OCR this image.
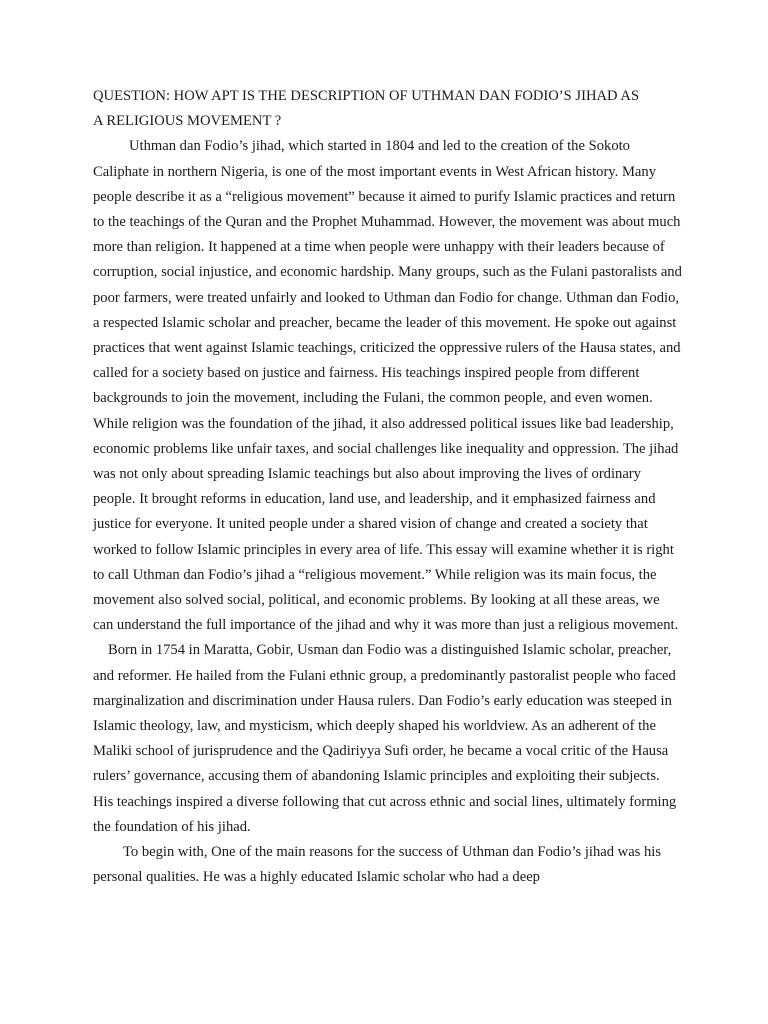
QUESTION: HOW APT IS THE DESCRIPTION OF UTHMAN DAN FODIO’S JIHAD AS

A RELIGIOUS MOVEMENT ?

Uthman dan Fodio’s jihad, which started in 1804 and led to the creation of the Sokoto Caliphate in northern Nigeria, is one of the most important events in West African history. Many people describe it as a “religious movement” because it aimed to purify Islamic practices and return to the teachings of the Quran and the Prophet Muhammad. However, the movement was about much more than religion. It happened at a time when people were unhappy with their leaders because of corruption, social injustice, and economic hardship. Many groups, such as the Fulani pastoralists and poor farmers, were treated unfairly and looked to Uthman dan Fodio for change. Uthman dan Fodio, a respected Islamic scholar and preacher, became the leader of this movement. He spoke out against practices that went against Islamic teachings, criticized the oppressive rulers of the Hausa states, and called for a society based on justice and fairness. His teachings inspired people from different backgrounds to join the movement, including the Fulani, the common people, and even women. While religion was the foundation of the jihad, it also addressed political issues like bad leadership, economic problems like unfair taxes, and social challenges like inequality and oppression. The jihad was not only about spreading Islamic teachings but also about improving the lives of ordinary people. It brought reforms in education, land use, and leadership, and it emphasized fairness and justice for everyone. It united people under a shared vision of change and created a society that worked to follow Islamic principles in every area of life. This essay will examine whether it is right to call Uthman dan Fodio’s jihad a “religious movement.” While religion was its main focus, the movement also solved social, political, and economic problems. By looking at all these areas, we can understand the full importance of the jihad and why it was more than just a religious movement.

Born in 1754 in Maratta, Gobir, Usman dan Fodio was a distinguished Islamic scholar, preacher, and reformer. He hailed from the Fulani ethnic group, a predominantly pastoralist people who faced marginalization and discrimination under Hausa rulers. Dan Fodio’s early education was steeped in Islamic theology, law, and mysticism, which deeply shaped his worldview. As an adherent of the Maliki school of jurisprudence and the Qadiriyya Sufi order, he became a vocal critic of the Hausa rulers’ governance, accusing them of abandoning Islamic principles and exploiting their subjects. His teachings inspired a diverse following that cut across ethnic and social lines, ultimately forming the foundation of his jihad.

To begin with, One of the main reasons for the success of Uthman dan Fodio’s jihad was his personal qualities. He was a highly educated Islamic scholar who had a deep
